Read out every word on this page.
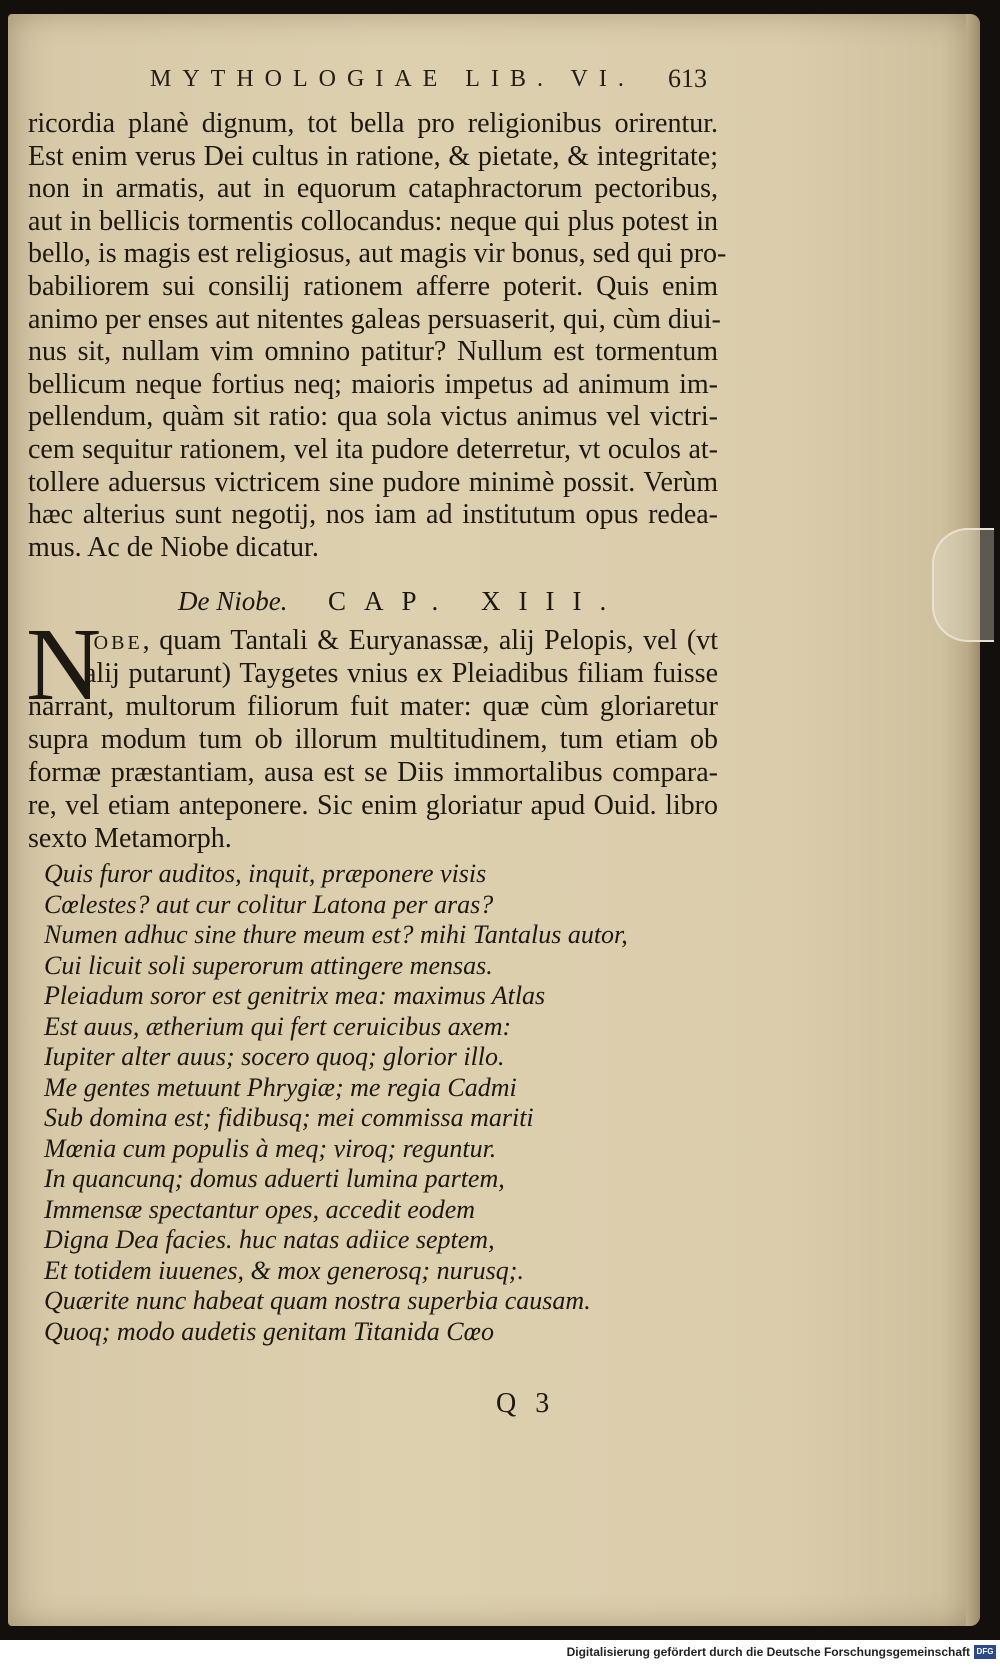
MYTHOLOGIAE LIB. VI.	613

ricordia planè dignum, tot bella pro religionibus orirentur.

Est enim verus Dei cultus in ratione, & pietate, & integritate;

non in armatis, aut in equorum cataphractorum pectoribus,

aut in bellicis tormentis collocandus: neque qui plus potest in

bello, is magis est religiosus, aut magis vir bonus, sed qui pro-

babiliorem sui consilij rationem afferre poterit. Quis enim

animo per enses aut nitentes galeas persuaserit, qui, cùm diui-

nus sit, nullam vim omnino patitur? Nullum est tormentum

bellicum neque fortius neq; maioris impetus ad animum im-

pellendum, quàm sit ratio: qua sola victus animus vel victri-

cem sequitur rationem, vel ita pudore deterretur, vt oculos at-

tollere aduersus victricem sine pudore minimè possit. Verùm

hæc alterius sunt negotij, nos iam ad institutum opus redea-

mus. Ac de Niobe dicatur.

De Niobe. CAP. XIII.
N

iobe, quam Tantali & Euryanassæ, alij Pelopis, vel (vt

alij putarunt) Taygetes vnius ex Pleiadibus filiam fuisse

narrant, multorum filiorum fuit mater: quæ cùm gloriaretur

supra modum tum ob illorum multitudinem, tum etiam ob

formæ præstantiam, ausa est se Diis immortalibus compara-

re, vel etiam anteponere. Sic enim gloriatur apud Ouid. libro

sexto Metamorph.

Quis furor auditos, inquit, præponere visis

Cœlestes? aut cur colitur Latona per aras?

Numen adhuc sine thure meum est? mihi Tantalus autor,

Cui licuit soli superorum attingere mensas.

Pleiadum soror est genitrix mea: maximus Atlas

Est auus, ætherium qui fert ceruicibus axem:

Iupiter alter auus; socero quoq; glorior illo.

Me gentes metuunt Phrygiæ; me regia Cadmi

Sub domina est; fidibusq; mei commissa mariti

Mœnia cum populis à meq; viroq; reguntur.

In quancunq; domus aduerti lumina partem,

Immensæ spectantur opes, accedit eodem

Digna Dea facies. huc natas adiice septem,

Et totidem iuuenes, & mox generosq; nurusq;.

Quærite nunc habeat quam nostra superbia causam.

Quoq; modo audetis genitam Titanida Cœo

Q 3
Digitalisierung gefördert durch die Deutsche Forschungsgemeinschaft DFG
